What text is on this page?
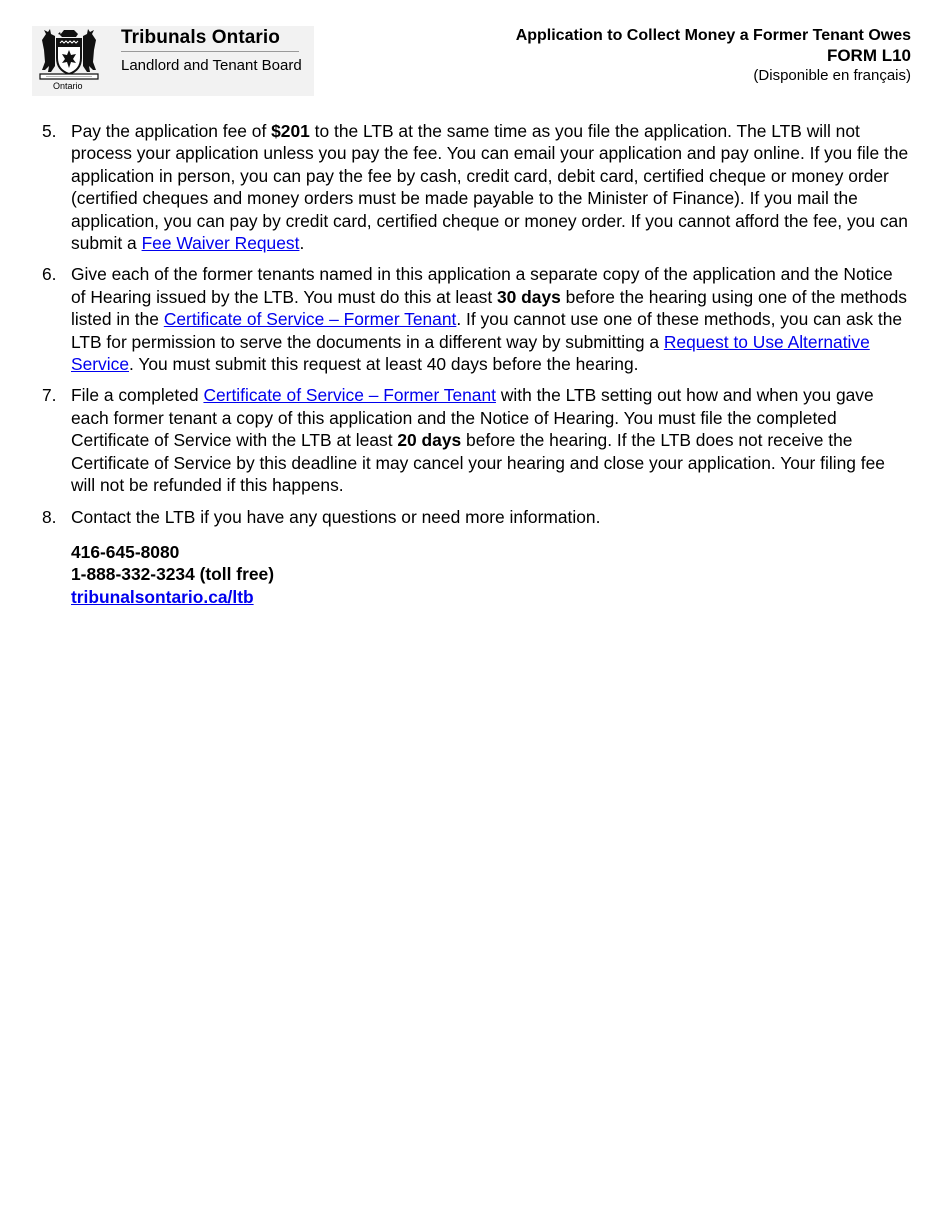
Ontario
Tribunals Ontario
Landlord and Tenant Board
Application to Collect Money a Former Tenant Owes
FORM L10
(Disponible en français)
5. Pay the application fee of $201 to the LTB at the same time as you file the application. The LTB will not process your application unless you pay the fee. You can email your application and pay online. If you file the application in person, you can pay the fee by cash, credit card, debit card, certified cheque or money order (certified cheques and money orders must be made payable to the Minister of Finance). If you mail the application, you can pay by credit card, certified cheque or money order. If you cannot afford the fee, you can submit a Fee Waiver Request.
6. Give each of the former tenants named in this application a separate copy of the application and the Notice of Hearing issued by the LTB. You must do this at least 30 days before the hearing using one of the methods listed in the Certificate of Service – Former Tenant. If you cannot use one of these methods, you can ask the LTB for permission to serve the documents in a different way by submitting a Request to Use Alternative Service. You must submit this request at least 40 days before the hearing.
7. File a completed Certificate of Service – Former Tenant with the LTB setting out how and when you gave each former tenant a copy of this application and the Notice of Hearing. You must file the completed Certificate of Service with the LTB at least 20 days before the hearing. If the LTB does not receive the Certificate of Service by this deadline it may cancel your hearing and close your application. Your filing fee will not be refunded if this happens.
8. Contact the LTB if you have any questions or need more information.
416-645-8080
1-888-332-3234 (toll free)
tribunalsontario.ca/ltb
